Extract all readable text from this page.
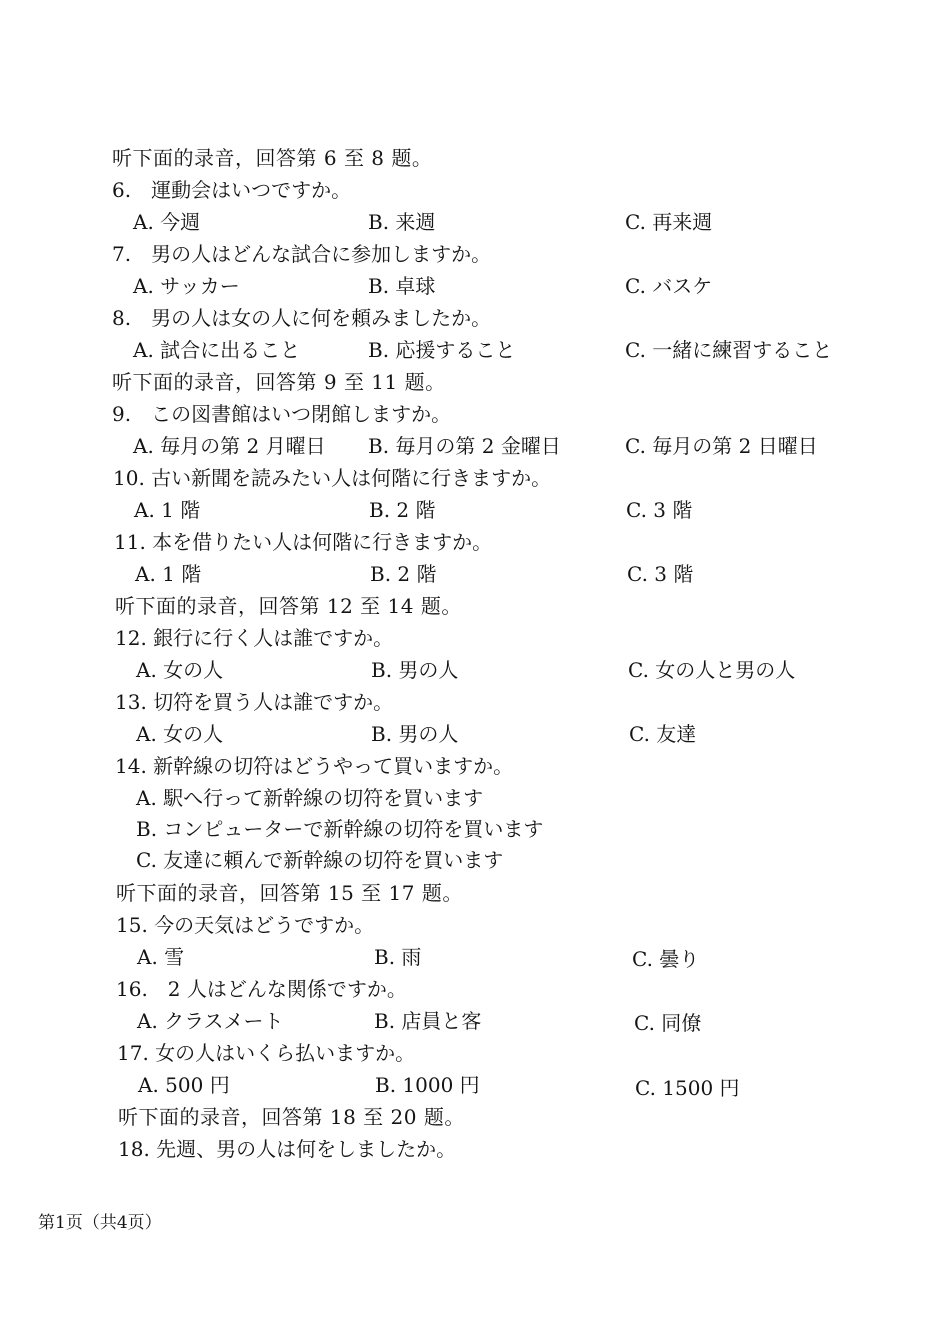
听下面的录音，回答第 6 至 8 题。
6.　運動会はいつですか。
A. 今週	B. 来週	C. 再来週
7.　男の人はどんな試合に参加しますか。
A. サッカー	B. 卓球	C. バスケ
8.　男の人は女の人に何を頼みましたか。
A. 試合に出ること	B. 応援すること	C. 一緒に練習すること
听下面的录音，回答第 9 至 11 题。
9.　この図書館はいつ閉館しますか。
A. 毎月の第 2 月曜日 B. 毎月の第 2 金曜日	C. 毎月の第 2 日曜日
10. 古い新聞を読みたい人は何階に行きますか。
A. 1 階	B. 2 階	C. 3 階
11. 本を借りたい人は何階に行きますか。
A. 1 階	B. 2 階	C. 3 階
听下面的录音，回答第 12 至 14 题。
12. 銀行に行く人は誰ですか。
A. 女の人	B. 男の人	C. 女の人と男の人
13. 切符を買う人は誰ですか。
A. 女の人	B. 男の人	C. 友達
14. 新幹線の切符はどうやって買いますか。
A. 駅へ行って新幹線の切符を買います
B. コンピューターで新幹線の切符を買います
C. 友達に頼んで新幹線の切符を買います
听下面的录音，回答第 15 至 17 题。
15. 今の天気はどうですか。
A. 雪	B. 雨	C. 曇り
16.　2 人はどんな関係ですか。
A. クラスメート	B. 店員と客	C. 同僚
17. 女の人はいくら払いますか。
A. 500 円	B. 1000 円	C. 1500 円
听下面的录音，回答第 18 至 20 题。
18. 先週、男の人は何をしましたか。
第1页（共4页）
